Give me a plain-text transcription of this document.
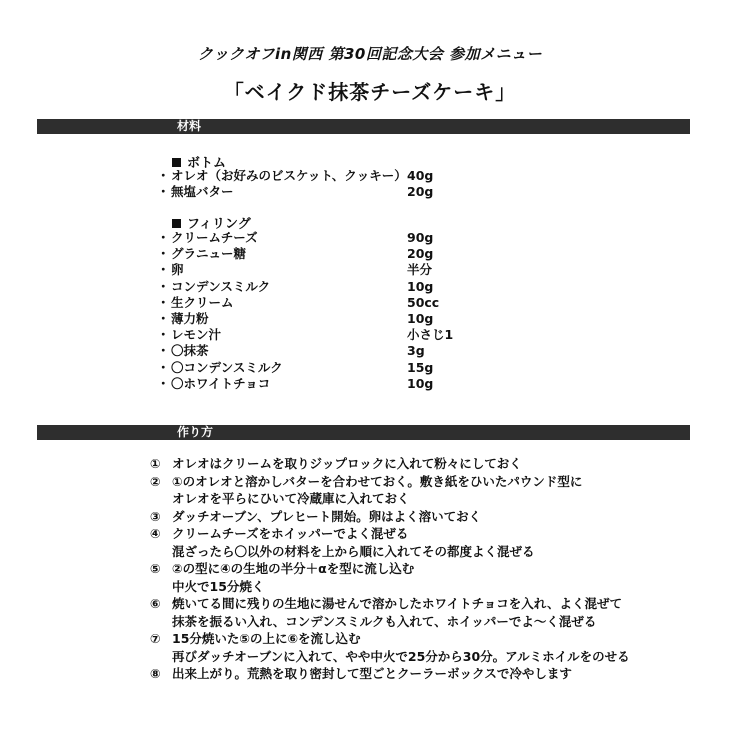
クックオフin関西 第30回記念大会 参加メニュー
「ベイクド抹茶チーズケーキ」
材料
ボトム
・ オレオ（お好みのビスケット、クッキー） 40g
・ 無塩バター	20g
フィリング
・ クリームチーズ	90g
・ グラニュー糖	20g
・ 卵	半分
・ コンデンスミルク	10g
・ 生クリーム	50cc
・ 薄力粉	10g
・ レモン汁	小さじ1
・ 〇抹茶	3g
・ 〇コンデンスミルク	15g
・ 〇ホワイトチョコ	10g
作り方
① オレオはクリームを取りジップロックに入れて粉々にしておく
② ①のオレオと溶かしバターを合わせておく。敷き紙をひいたパウンド型に
オレオを平らにひいて冷蔵庫に入れておく
③ ダッチオーブン、プレヒート開始。卵はよく溶いておく
④ クリームチーズをホイッパーでよく混ぜる
混ざったら〇以外の材料を上から順に入れてその都度よく混ぜる
⑤ ②の型に④の生地の半分＋αを型に流し込む
中火で15分焼く
⑥ 焼いてる間に残りの生地に湯せんで溶かしたホワイトチョコを入れ、よく混ぜて
抹茶を振るい入れ、コンデンスミルクも入れて、ホイッパーでよ～く混ぜる
⑦ 15分焼いた⑤の上に⑥を流し込む
再びダッチオーブンに入れて、やや中火で25分から30分。アルミホイルをのせる
⑧ 出来上がり。荒熱を取り密封して型ごとクーラーボックスで冷やします
